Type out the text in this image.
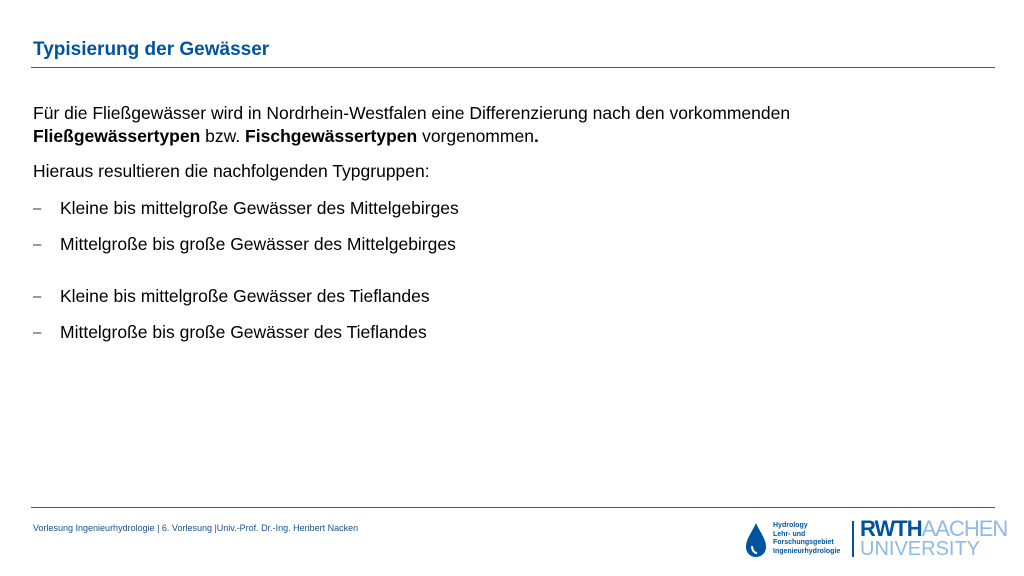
Typisierung der Gewässer

Für die Fließgewässer wird in Nordrhein-Westfalen eine Differenzierung nach den vorkommenden
Fließgewässertypen bzw. Fischgewässertypen vorgenommen.

Hieraus resultieren die nachfolgenden Typgruppen:

– Kleine bis mittelgroße Gewässer des Mittelgebirges
– Mittelgroße bis große Gewässer des Mittelgebirges
– Kleine bis mittelgroße Gewässer des Tieflandes
– Mittelgroße bis große Gewässer des Tieflandes
Vorlesung Ingenieurhydrologie | 6. Vorlesung |Univ.-Prof. Dr.-Ing. Heribert Nacken	Hydrology
Lehr- und
Forschungsgebiet
Ingenieurhydrologie
RWTHAACHEN
UNIVERSITY
